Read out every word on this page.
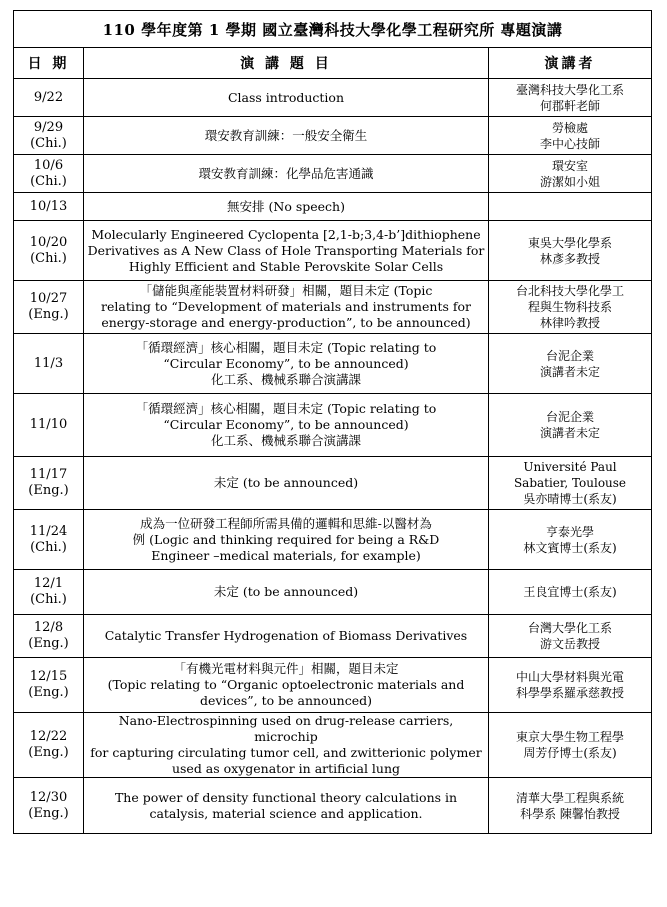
110 學年度第 1 學期 國立臺灣科技大學化學工程研究所 專題演講		
日 期	演 講 題 目	演講者

9/22	Class introduction	臺灣科技大學化工系
何郡軒老師

9/29
(Chi.)	環安教育訓練：一般安全衛生	勞檢處
李中心技師

10/6
(Chi.)	環安教育訓練：化學品危害通識	環安室
游潔如小姐

10/13	無安排 (No speech)	

10/20
(Chi.)	Molecularly Engineered Cyclopenta [2,1-b;3,4-b’]dithiophene
Derivatives as A New Class of Hole Transporting Materials for
Highly Efficient and Stable Perovskite Solar Cells	東吳大學化學系
林彥多教授

10/27
(Eng.)	「儲能與產能裝置材料研發」相關，題目未定 (Topic
relating to “Development of materials and instruments for
energy-storage and energy-production”, to be announced)	台北科技大學化學工
程與生物科技系
林律吟教授

11/3	「循環經濟」核心相關，題目未定 (Topic relating to
“Circular Economy”, to be announced)
化工系、機械系聯合演講課	台泥企業
演講者未定

11/10	「循環經濟」核心相關，題目未定 (Topic relating to
“Circular Economy”, to be announced)
化工系、機械系聯合演講課	台泥企業
演講者未定

11/17
(Eng.)	未定 (to be announced)	Université Paul
Sabatier, Toulouse
吳亦晴博士(系友)

11/24
(Chi.)	成為一位研發工程師所需具備的邏輯和思維-以醫材為
例 (Logic and thinking required for being a R&D
Engineer –medical materials, for example)	亨泰光學
林文賓博士(系友)

12/1
(Chi.)	未定 (to be announced)	王良宜博士(系友)

12/8
(Eng.)	Catalytic Transfer Hydrogenation of Biomass Derivatives	台灣大學化工系
游文岳教授

12/15
(Eng.)	「有機光電材料與元件」相關，題目未定
(Topic relating to “Organic optoelectronic materials and
devices”, to be announced)	中山大學材料與光電
科學學系羅承慈教授

12/22
(Eng.)	Nano-Electrospinning used on drug-release carriers, microchip
for capturing circulating tumor cell, and zwitterionic polymer
used as oxygenator in artificial lung	東京大學生物工程學
周芳伃博士(系友)

12/30
(Eng.)	The power of density functional theory calculations in
catalysis, material science and application.	清華大學工程與系統
科學系 陳馨怡教授
